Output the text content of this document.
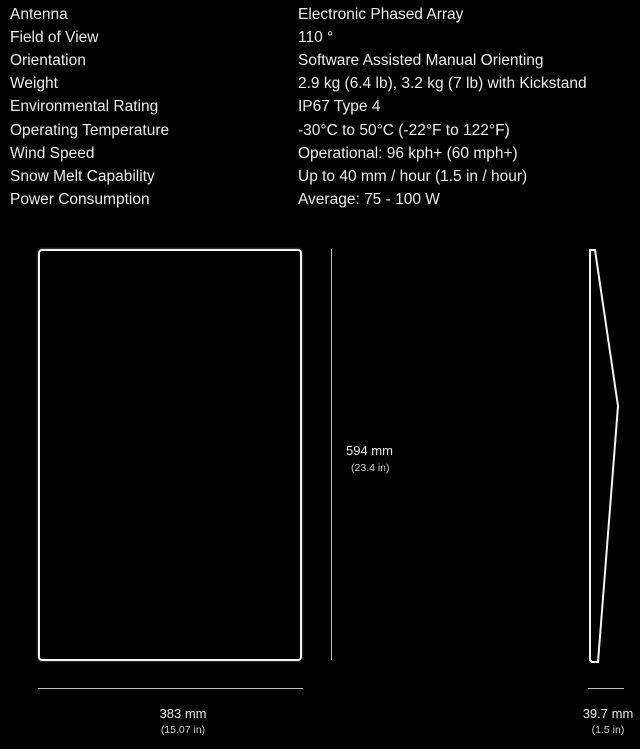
Antenna	Electronic Phased Array
Field of View	110 °
Orientation	Software Assisted Manual Orienting
Weight	2.9 kg (6.4 lb), 3.2 kg (7 lb) with Kickstand
Environmental Rating	IP67 Type 4
Operating Temperature	-30°C to 50°C (-22°F to 122°F)
Wind Speed	Operational: 96 kph+ (60 mph+)
Snow Melt Capability	Up to 40 mm / hour (1.5 in / hour)
Power Consumption	Average: 75 - 100 W
594 mm
(23.4 in)
383 mm
(15.07 in)
39.7 mm
(1.5 in)
